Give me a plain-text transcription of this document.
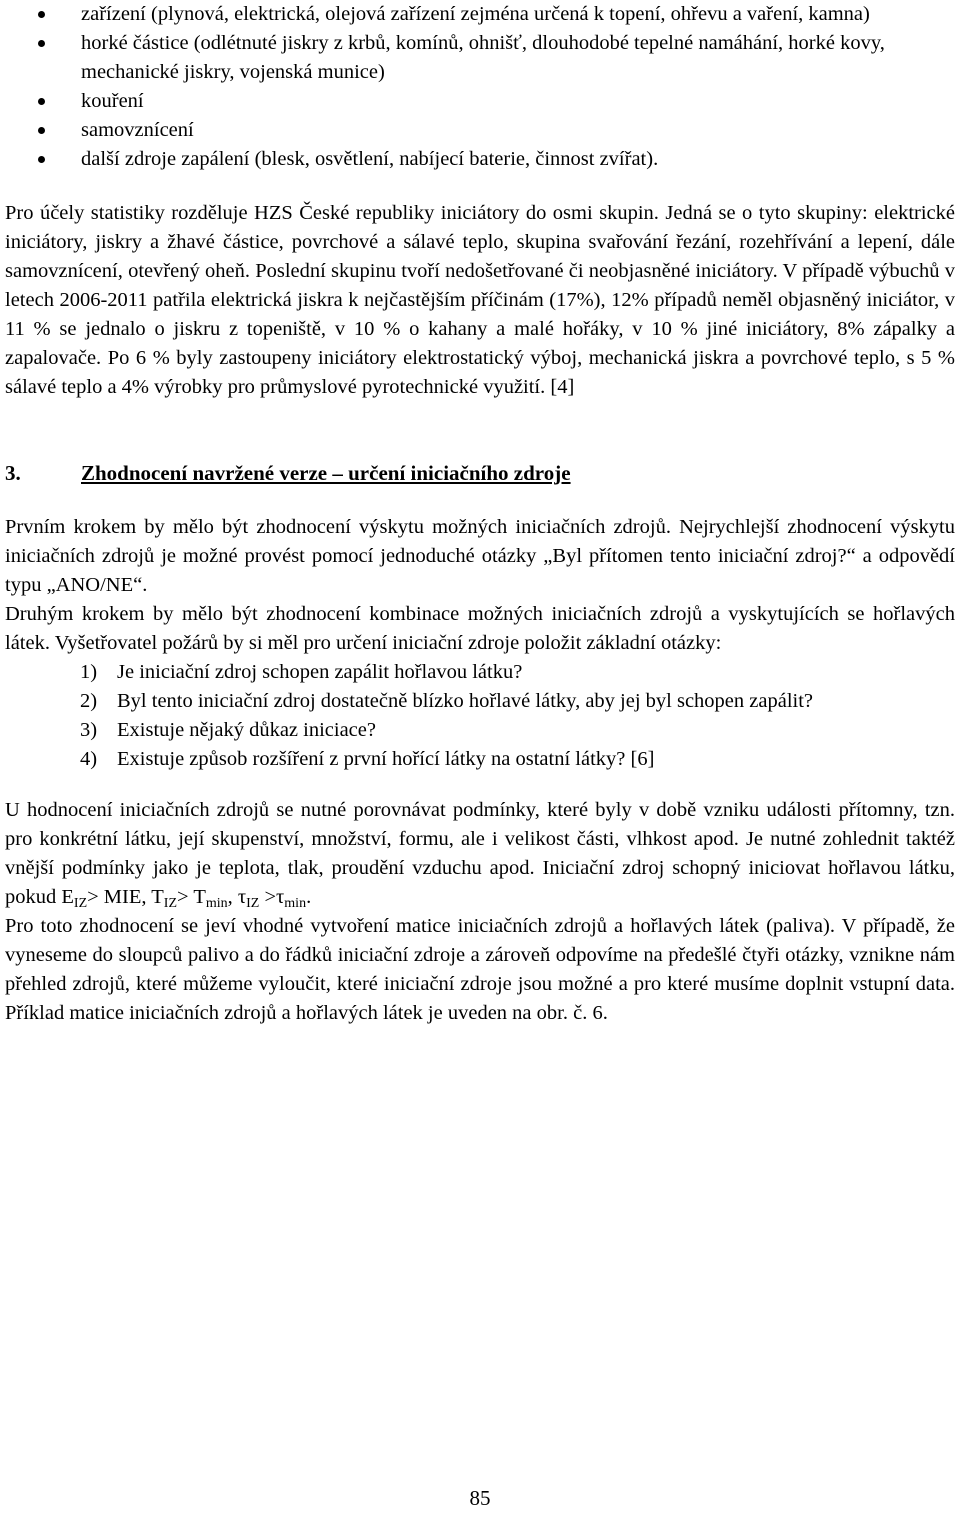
zařízení (plynová, elektrická, olejová zařízení zejména určená k topení, ohřevu a vaření, kamna)
horké částice (odlétnuté jiskry z krbů, komínů, ohnišť, dlouhodobé tepelné namáhání, horké kovy, mechanické jiskry, vojenská munice)
kouření
samovznícení
další zdroje zapálení (blesk, osvětlení, nabíjecí baterie, činnost zvířat).

Pro účely statistiky rozděluje HZS České republiky iniciátory do osmi skupin. Jedná se o tyto skupiny: elektrické iniciátory, jiskry a žhavé částice, povrchové a sálavé teplo, skupina svařování řezání, rozehřívání a lepení, dále samovznícení, otevřený oheň. Poslední skupinu tvoří nedošetřované či neobjasněné iniciátory. V případě výbuchů v letech 2006-2011 patřila elektrická jiskra k nejčastějším příčinám (17%), 12% případů neměl objasněný iniciátor, v 11 % se jednalo o jiskru z topeniště, v 10 % o kahany a malé hořáky, v 10 % jiné iniciátory, 8% zápalky a zapalovače. Po 6 % byly zastoupeny iniciátory elektrostatický výboj, mechanická jiskra a povrchové teplo, s 5 % sálavé teplo a 4% výrobky pro průmyslové pyrotechnické využití. [4]

3.	Zhodnocení navržené verze – určení iniciačního zdroje

Prvním krokem by mělo být zhodnocení výskytu možných iniciačních zdrojů. Nejrychlejší zhodnocení výskytu iniciačních zdrojů je možné provést pomocí jednoduché otázky „Byl přítomen tento iniciační zdroj?“ a odpovědí typu „ANO/NE“.

Druhým krokem by mělo být zhodnocení kombinace možných iniciačních zdrojů a vyskytujících se hořlavých látek. Vyšetřovatel požárů by si měl pro určení iniciační zdroje položit základní otázky:

1) Je iniciační zdroj schopen zapálit hořlavou látku?
2) Byl tento iniciační zdroj dostatečně blízko hořlavé látky, aby jej byl schopen zapálit?
3) Existuje nějaký důkaz iniciace?
4) Existuje způsob rozšíření z první hořící látky na ostatní látky? [6]

U hodnocení iniciačních zdrojů se nutné porovnávat podmínky, které byly v době vzniku události přítomny, tzn. pro konkrétní látku, její skupenství, množství, formu, ale i velikost části, vlhkost apod. Je nutné zohlednit taktéž vnější podmínky jako je teplota, tlak, proudění vzduchu apod. Iniciační zdroj schopný iniciovat hořlavou látku, pokud $E_{IZ}>$ MIE, $T_{IZ}> T_{min}$, $\tau_{IZ} >\tau_{min}$.

Pro toto zhodnocení se jeví vhodné vytvoření matice iniciačních zdrojů a hořlavých látek (paliva). V případě, že vyneseme do sloupců palivo a do řádků iniciační zdroje a zároveň odpovíme na předešlé čtyři otázky, vznikne nám přehled zdrojů, které můžeme vyloučit, které iniciační zdroje jsou možné a pro které musíme doplnit vstupní data. Příklad matice iniciačních zdrojů a hořlavých látek je uveden na obr. č. 6.

85
